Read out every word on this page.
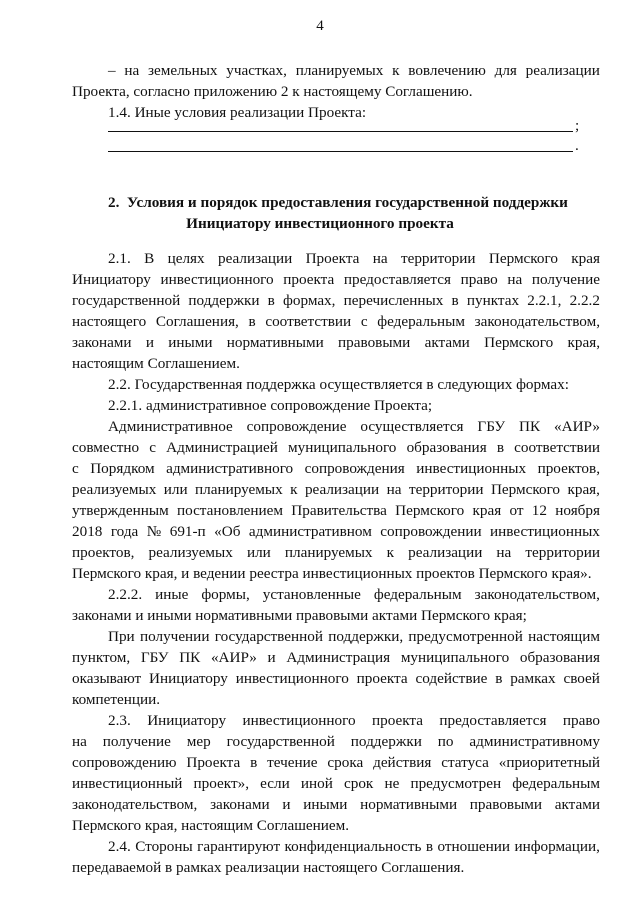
4
– на земельных участках, планируемых к вовлечению для реализации
Проекта, согласно приложению 2 к настоящему Соглашению.
1.4. Иные условия реализации Проекта:
;
.
2.  Условия и порядок предоставления государственной поддержки
Инициатору инвестиционного проекта
2.1. В целях реализации Проекта на территории Пермского края
Инициатору инвестиционного проекта предоставляется право на получение
государственной поддержки в формах, перечисленных в пунктах 2.2.1, 2.2.2
настоящего Соглашения, в соответствии с федеральным законодательством,
законами и иными нормативными правовыми актами Пермского края,
настоящим Соглашением.
2.2. Государственная поддержка осуществляется в следующих формах:
2.2.1. административное сопровождение Проекта;
Административное сопровождение осуществляется ГБУ ПК «АИР»
совместно с Администрацией муниципального образования в соответствии
с Порядком административного сопровождения инвестиционных проектов,
реализуемых или планируемых к реализации на территории Пермского края,
утвержденным постановлением Правительства Пермского края от 12 ноября
2018 года № 691-п «Об административном сопровождении инвестиционных
проектов, реализуемых или планируемых к реализации на территории
Пермского края, и ведении реестра инвестиционных проектов Пермского края».
2.2.2. иные формы, установленные федеральным законодательством,
законами и иными нормативными правовыми актами Пермского края;
При получении государственной поддержки, предусмотренной настоящим
пунктом, ГБУ ПК «АИР» и Администрация муниципального образования
оказывают Инициатору инвестиционного проекта содействие в рамках своей
компетенции.
2.3. Инициатору инвестиционного проекта предоставляется право
на получение мер государственной поддержки по административному
сопровождению Проекта в течение срока действия статуса «приоритетный
инвестиционный проект», если иной срок не предусмотрен федеральным
законодательством, законами и иными нормативными правовыми актами
Пермского края, настоящим Соглашением.
2.4. Стороны гарантируют конфиденциальность в отношении информации,
передаваемой в рамках реализации настоящего Соглашения.
